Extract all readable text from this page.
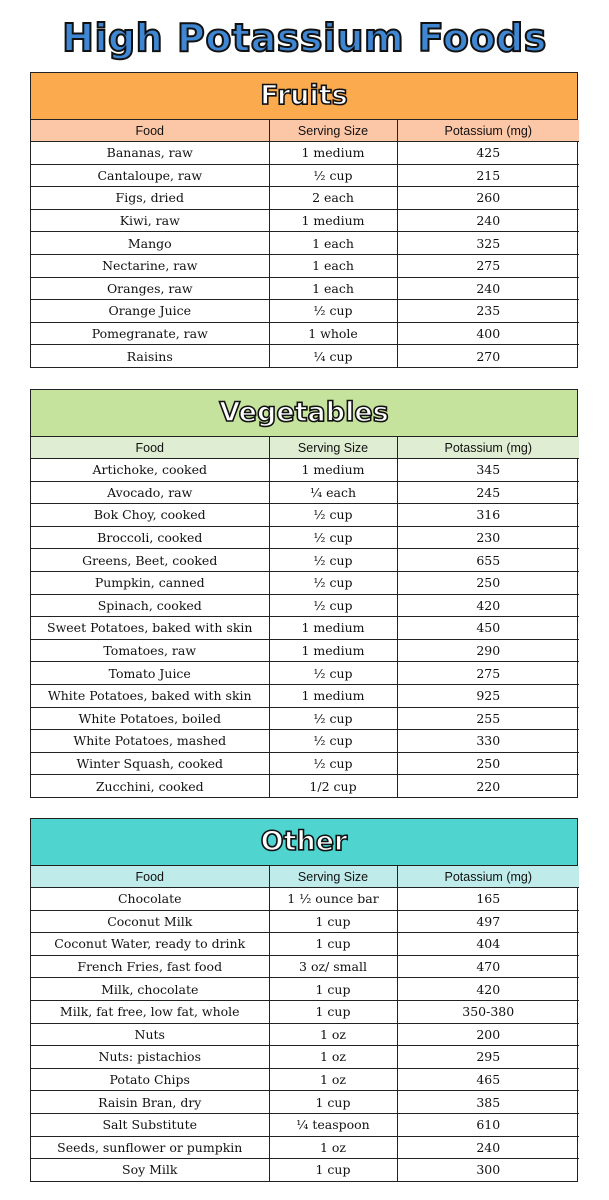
High Potassium Foods
Fruits
Food	Serving Size	Potassium (mg)
Bananas, raw	1 medium	425
Cantaloupe, raw	½ cup	215
Figs, dried	2 each	260
Kiwi, raw	1 medium	240
Mango	1 each	325
Nectarine, raw	1 each	275
Oranges, raw	1 each	240
Orange Juice	½ cup	235
Pomegranate, raw	1 whole	400
Raisins	¼ cup	270
Vegetables
Food	Serving Size	Potassium (mg)
Artichoke, cooked	1 medium	345
Avocado, raw	¼ each	245
Bok Choy, cooked	½ cup	316
Broccoli, cooked	½ cup	230
Greens, Beet, cooked	½ cup	655
Pumpkin, canned	½ cup	250
Spinach, cooked	½ cup	420
Sweet Potatoes, baked with skin	1 medium	450
Tomatoes, raw	1 medium	290
Tomato Juice	½ cup	275
White Potatoes, baked with skin	1 medium	925
White Potatoes, boiled	½ cup	255
White Potatoes, mashed	½ cup	330
Winter Squash, cooked	½ cup	250
Zucchini, cooked	1/2 cup	220
Other
Food	Serving Size	Potassium (mg)
Chocolate	1 ½ ounce bar	165
Coconut Milk	1 cup	497
Coconut Water, ready to drink	1 cup	404
French Fries, fast food	3 oz/ small	470
Milk, chocolate	1 cup	420
Milk, fat free, low fat, whole	1 cup	350-380
Nuts	1 oz	200
Nuts: pistachios	1 oz	295
Potato Chips	1 oz	465
Raisin Bran, dry	1 cup	385
Salt Substitute	¼ teaspoon	610
Seeds, sunflower or pumpkin	1 oz	240
Soy Milk	1 cup	300
